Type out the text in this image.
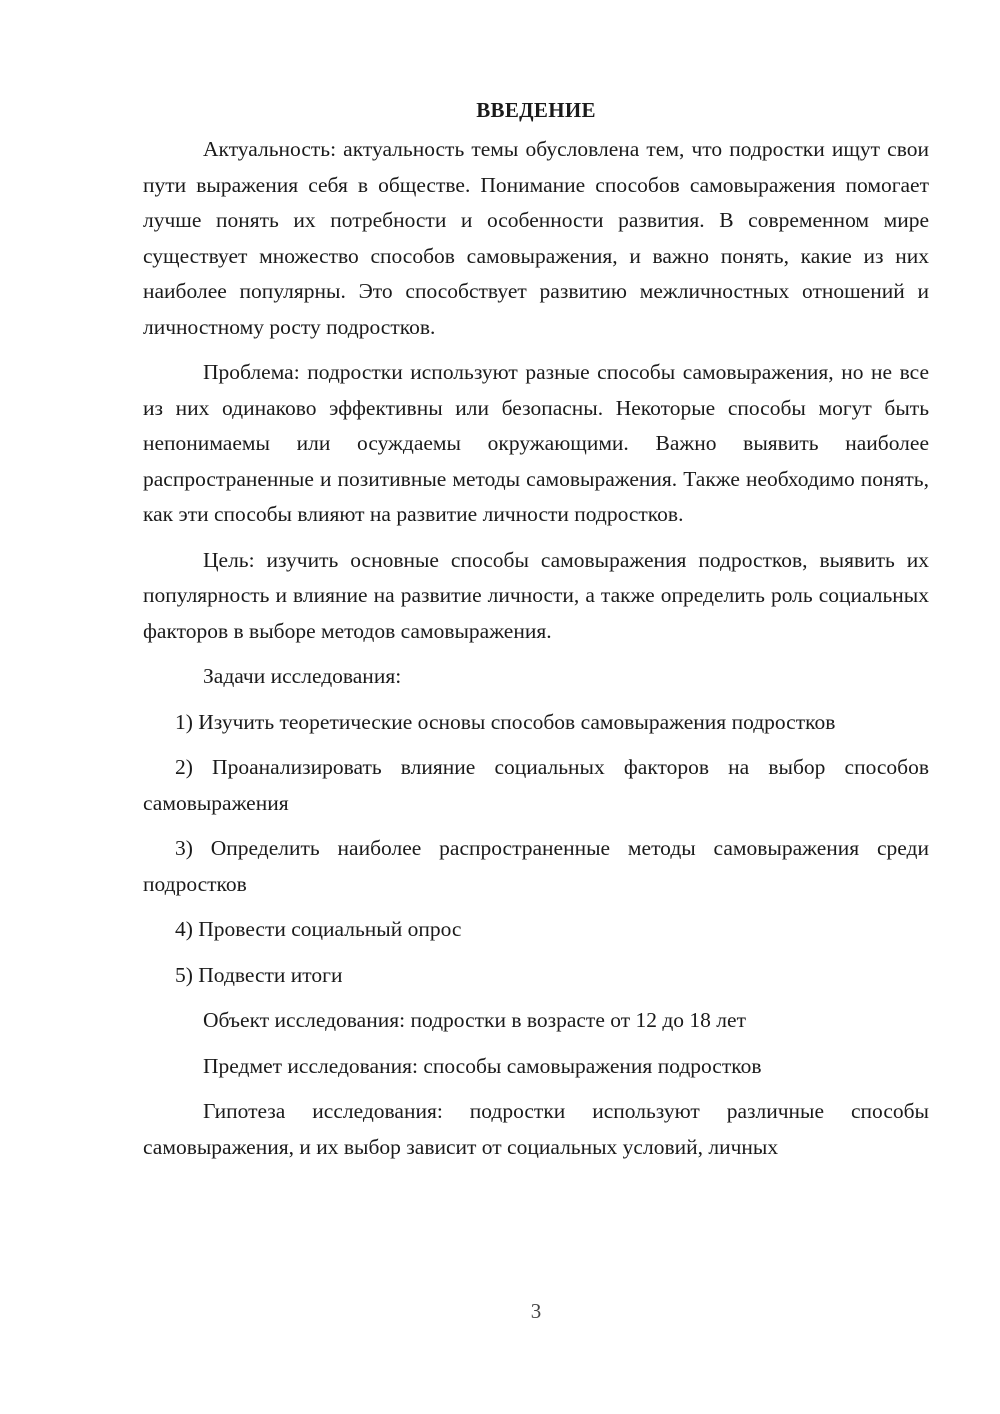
ВВЕДЕНИЕ

Актуальность: актуальность темы обусловлена тем, что подростки ищут свои пути выражения себя в обществе. Понимание способов самовыражения помогает лучше понять их потребности и особенности развития. В современном мире существует множество способов самовыражения, и важно понять, какие из них наиболее популярны. Это способствует развитию межличностных отношений и личностному росту подростков.

Проблема: подростки используют разные способы самовыражения, но не все из них одинаково эффективны или безопасны. Некоторые способы могут быть непонимаемы или осуждаемы окружающими. Важно выявить наиболее распространенные и позитивные методы самовыражения. Также необходимо понять, как эти способы влияют на развитие личности подростков.

Цель: изучить основные способы самовыражения подростков, выявить их популярность и влияние на развитие личности, а также определить роль социальных факторов в выборе методов самовыражения.

Задачи исследования:

1) Изучить теоретические основы способов самовыражения подростков

2) Проанализировать влияние социальных факторов на выбор способов самовыражения

3) Определить наиболее распространенные методы самовыражения среди подростков

4) Провести социальный опрос

5) Подвести итоги

Объект исследования: подростки в возрасте от 12 до 18 лет

Предмет исследования: способы самовыражения подростков

Гипотеза исследования: подростки используют различные способы самовыражения, и их выбор зависит от социальных условий, личных

3
